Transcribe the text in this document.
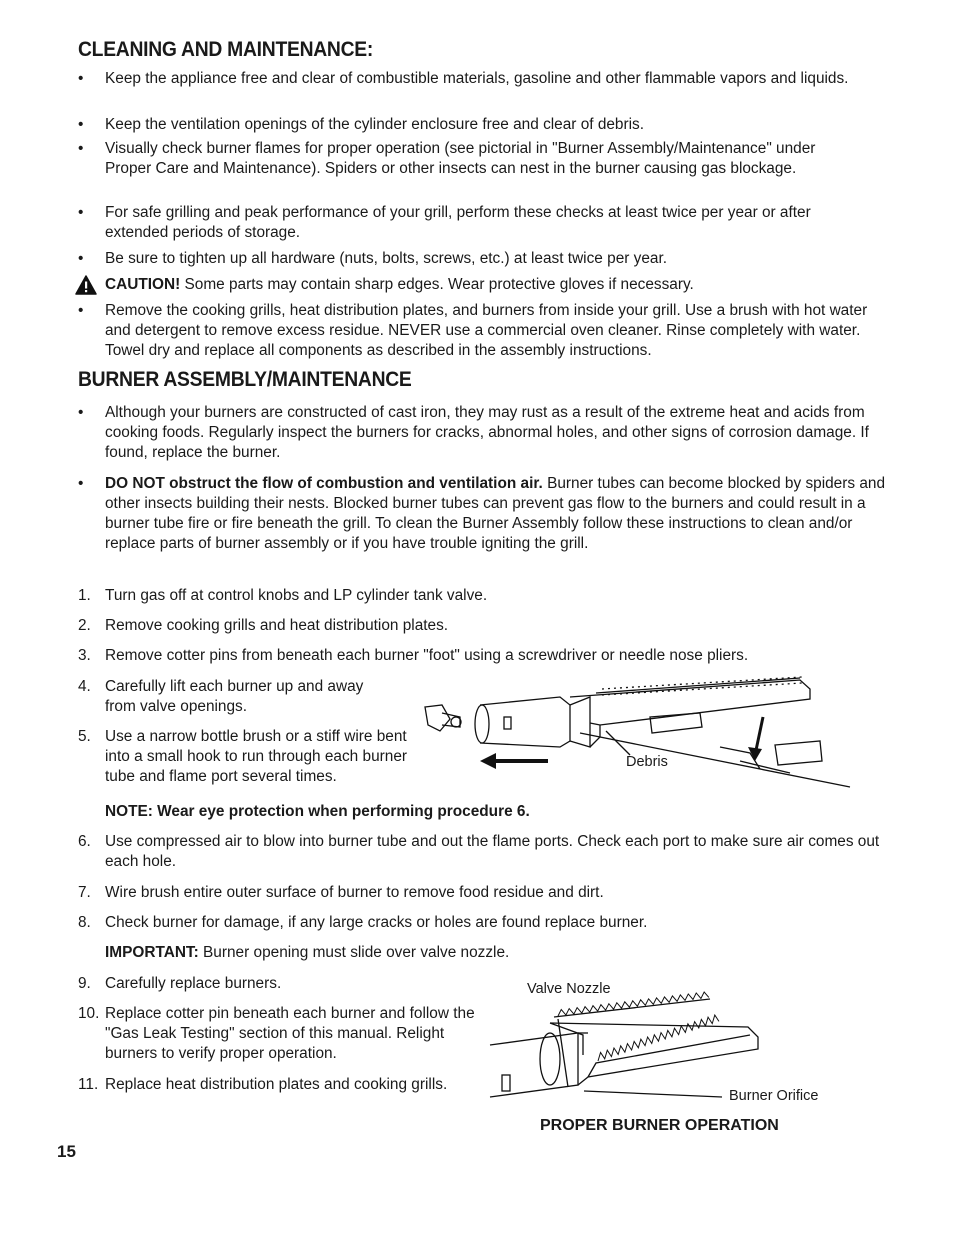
CLEANING AND MAINTENANCE:
•	Keep the appliance free and clear of combustible materials, gasoline and other flammable vapors and liquids.
•	Keep the ventilation openings of the cylinder enclosure free and clear of debris.
•	Visually check burner flames for proper operation (see pictorial in "Burner Assembly/Maintenance" under Proper Care and Maintenance). Spiders or other insects can nest in the burner causing gas blockage.
•	For safe grilling and peak performance of your grill, perform these checks at least twice per year or after extended periods of storage.
•	Be sure to tighten up all hardware (nuts, bolts, screws, etc.) at least twice per year.
CAUTION! Some parts may contain sharp edges. Wear protective gloves if necessary.
•	Remove the cooking grills, heat distribution plates, and burners from inside your grill. Use a brush with hot water and detergent to remove excess residue. NEVER use a commercial oven cleaner. Rinse completely with water. Towel dry and replace all components as described in the assembly instructions.
BURNER ASSEMBLY/MAINTENANCE
•	Although your burners are constructed of cast iron, they may rust as a result of the extreme heat and acids from cooking foods. Regularly inspect the burners for cracks, abnormal holes, and other signs of corrosion damage. If found, replace the burner.
•	DO NOT obstruct the flow of combustion and ventilation air. Burner tubes can become blocked by spiders and other insects building their nests. Blocked burner tubes can prevent gas flow to the burners and could result in a burner tube fire or fire beneath the grill. To clean the Burner Assembly follow these instructions to clean and/or replace parts of burner assembly or if you have trouble igniting the grill.
1. Turn gas off at control knobs and LP cylinder tank valve.
2. Remove cooking grills and heat distribution plates.
3. Remove cotter pins from beneath each burner "foot" using a screwdriver or needle nose pliers.
4. Carefully lift each burner up and away from valve openings.
5. Use a narrow bottle brush or a stiff wire bent into a small hook to run through each burner tube and flame port several times.
NOTE: Wear eye protection when performing procedure 6.
6. Use compressed air to blow into burner tube and out the flame ports. Check each port to make sure air comes out each hole.
7. Wire brush entire outer surface of burner to remove food residue and dirt.
8. Check burner for damage, if any large cracks or holes are found replace burner.
IMPORTANT: Burner opening must slide over valve nozzle.
9. Carefully replace burners.
10. Replace cotter pin beneath each burner and follow the "Gas Leak Testing" section of this manual. Relight burners to verify proper operation.
11. Replace heat distribution plates and cooking grills.
Debris
Valve Nozzle
Burner Orifice
PROPER BURNER OPERATION
15
